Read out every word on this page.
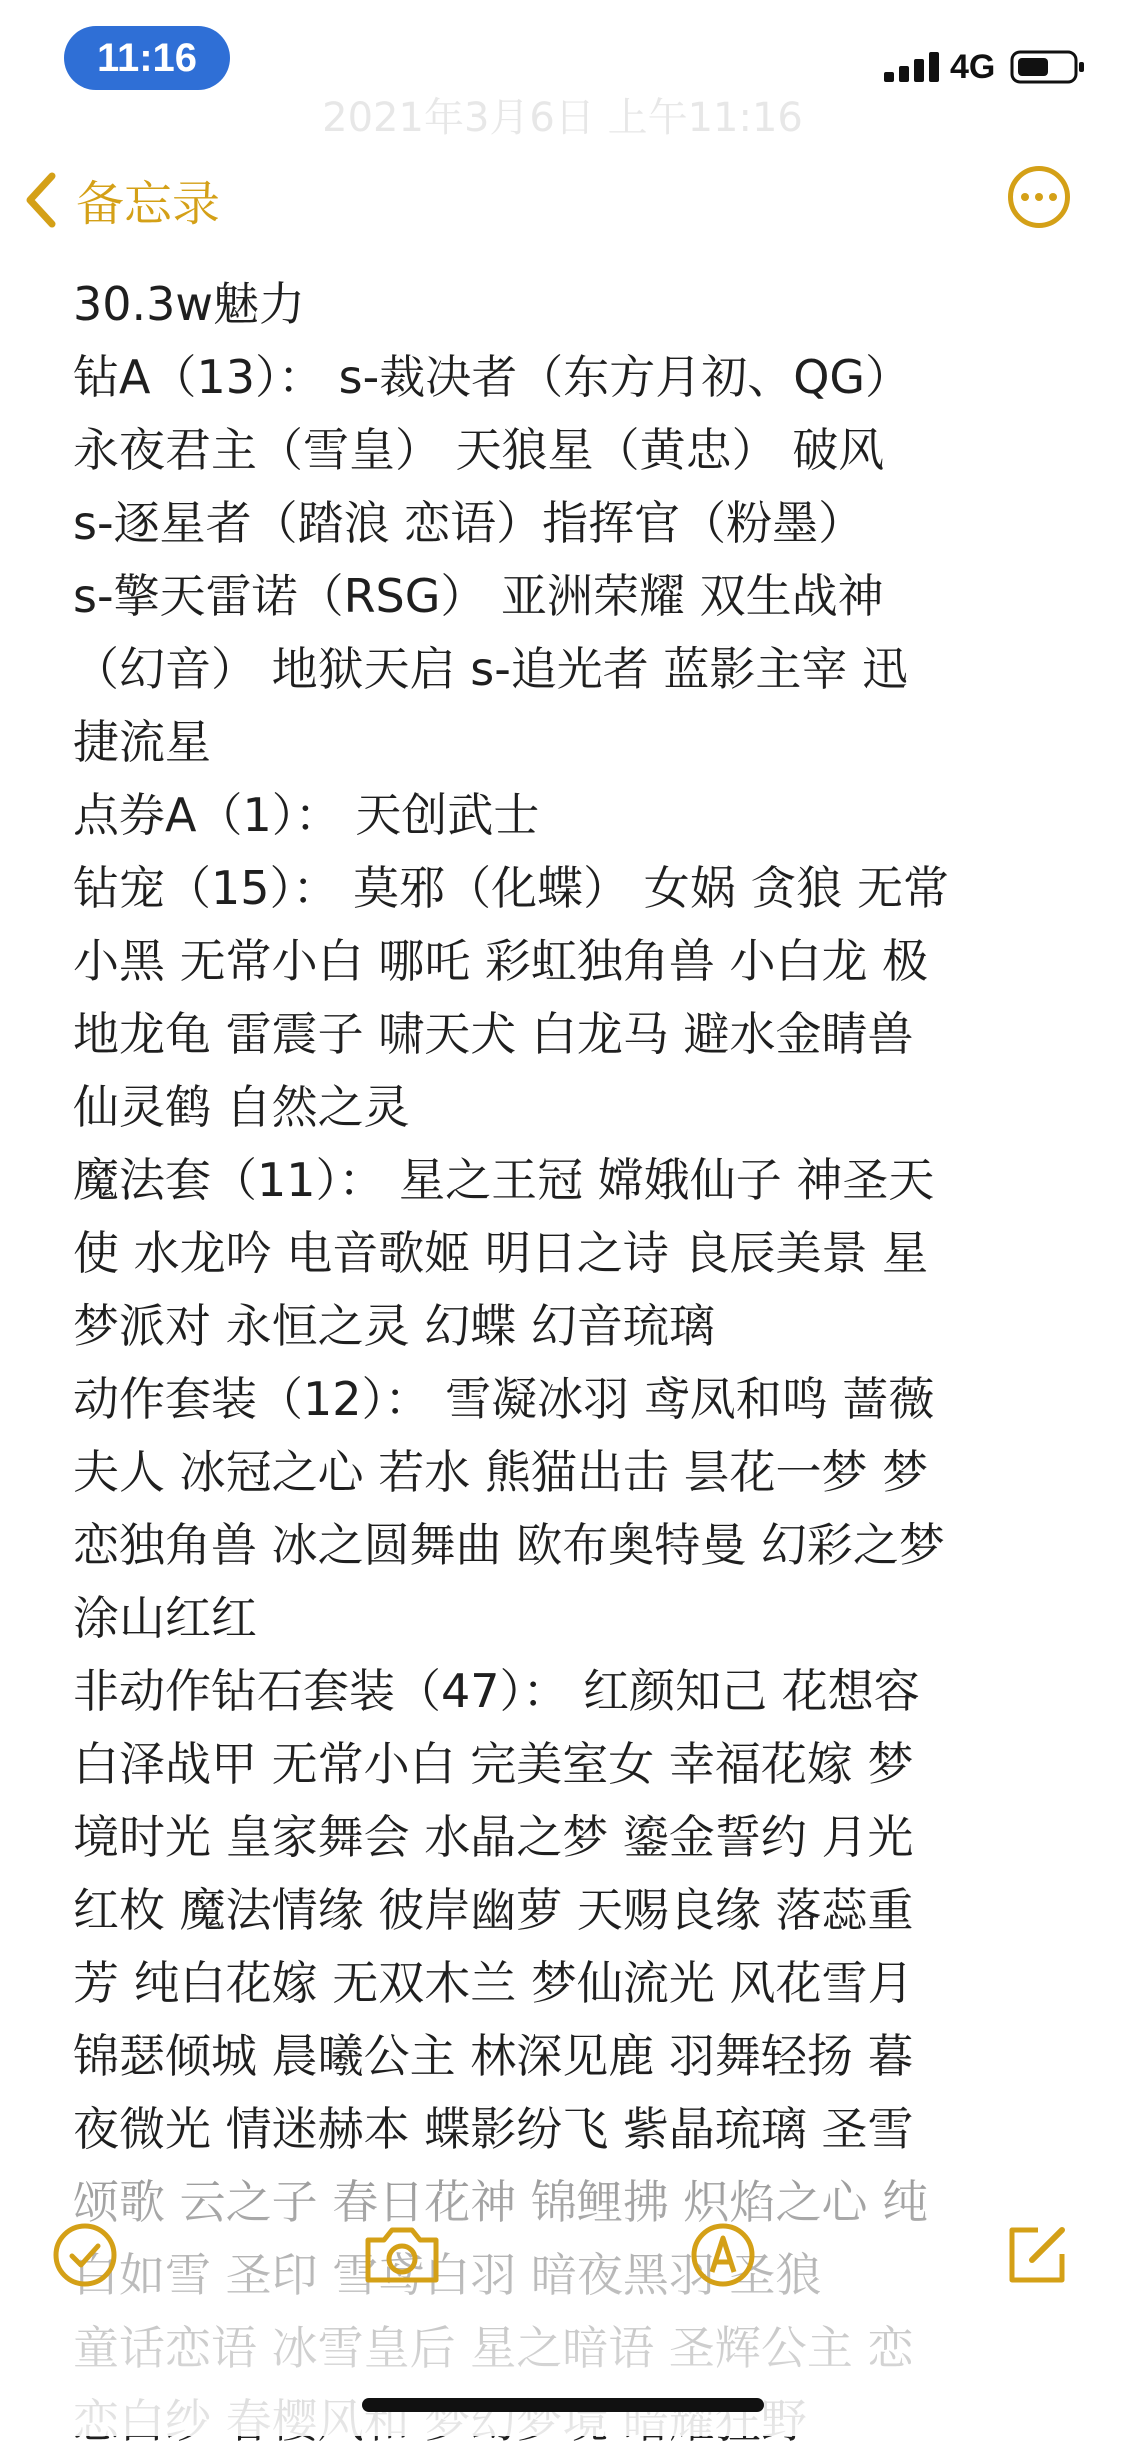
11:16	4G
2021年3月6日 上午11:16
备忘录
30.3w魅力
钻A（13）： s-裁决者（东方月初、QG）
永夜君主（雪皇） 天狼星（黄忠） 破风
s-逐星者（踏浪 恋语）指挥官（粉墨）
s-擎天雷诺（RSG） 亚洲荣耀 双生战神
（幻音） 地狱天启 s-追光者 蓝影主宰 迅
捷流星
点券A（1）： 天创武士
钻宠（15）： 莫邪（化蝶） 女娲 贪狼 无常
小黑 无常小白 哪吒 彩虹独角兽 小白龙 极
地龙龟 雷震子 啸天犬 白龙马 避水金睛兽
仙灵鹤 自然之灵
魔法套（11）： 星之王冠 嫦娥仙子 神圣天
使 水龙吟 电音歌姬 明日之诗 良辰美景 星
梦派对 永恒之灵 幻蝶 幻音琉璃
动作套装（12）： 雪凝冰羽 鸢凤和鸣 蔷薇
夫人 冰冠之心 若水 熊猫出击 昙花一梦 梦
恋独角兽 冰之圆舞曲 欧布奥特曼 幻彩之梦
涂山红红
非动作钻石套装（47）： 红颜知己 花想容
白泽战甲 无常小白 完美室女 幸福花嫁 梦
境时光 皇家舞会 水晶之梦 鎏金誓约 月光
红枚 魔法情缘 彼岸幽萝 天赐良缘 落蕊重
芳 纯白花嫁 无双木兰 梦仙流光 风花雪月
锦瑟倾城 晨曦公主 林深见鹿 羽舞轻扬 暮
夜微光 情迷赫本 蝶影纷飞 紫晶琉璃 圣雪
